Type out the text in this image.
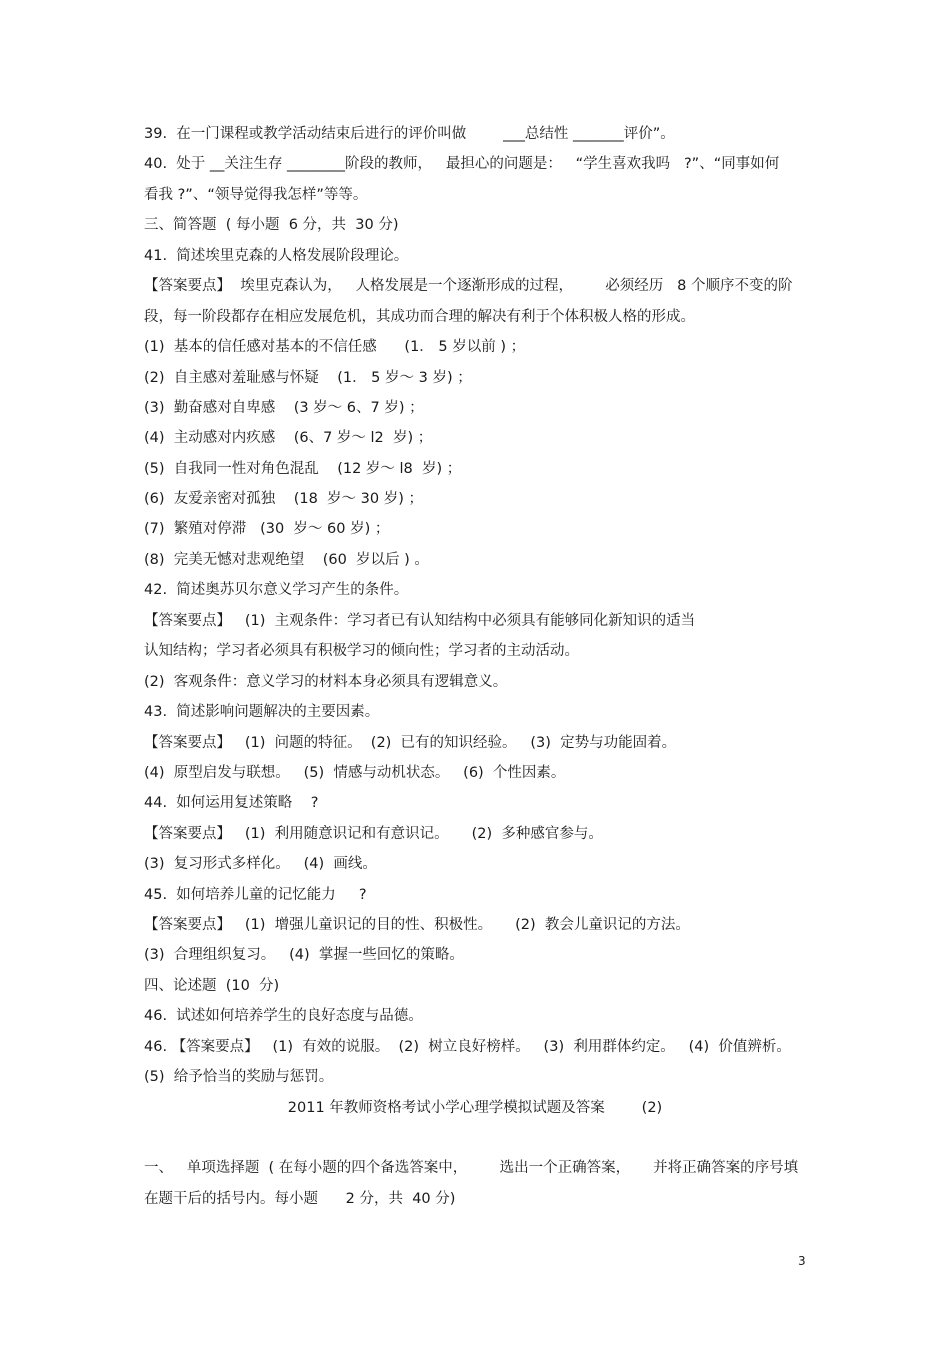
39.  在一门课程或教学活动结束后进行的评价叫做        ___总结性 _______评价”。
40.  处于 __关注生存 ________阶段的教师，   最担心的问题是：   “学生喜欢我吗   ?”、“同事如何
看我 ?”、“领导觉得我怎样”等等。
三、简答题  ( 每小题  6 分，共  30 分)
41.  简述埃里克森的人格发展阶段理论。
【答案要点】  埃里克森认为，   人格发展是一个逐渐形成的过程，       必须经历   8 个顺序不变的阶
段，每一阶段都存在相应发展危机，其成功而合理的解决有利于个体积极人格的形成。
(1)  基本的信任感对基本的不信任感      (1． 5 岁以前 ) ；
(2)  自主感对羞耻感与怀疑    (1． 5 岁～ 3 岁) ；
(3)  勤奋感对自卑感    (3 岁～ 6、7 岁) ；
(4)  主动感对内疚感    (6、7 岁～ l2  岁) ；
(5)  自我同一性对角色混乱    (12 岁～ l8  岁) ；
(6)  友爱亲密对孤独    (18  岁～ 30 岁) ；
(7)  繁殖对停滞   (30  岁～ 60 岁) ；
(8)  完美无憾对悲观绝望    (60  岁以后 ) 。
42.  简述奥苏贝尔意义学习产生的条件。
【答案要点】   (1)  主观条件：学习者已有认知结构中必须具有能够同化新知识的适当
认知结构；学习者必须具有积极学习的倾向性；学习者的主动活动。
(2)  客观条件：意义学习的材料本身必须具有逻辑意义。
43.  简述影响问题解决的主要因素。
【答案要点】   (1)  问题的特征。  (2)  已有的知识经验。   (3)  定势与功能固着。
(4)  原型启发与联想。   (5)  情感与动机状态。   (6)  个性因素。
44.  如何运用复述策略    ?
【答案要点】   (1)  利用随意识记和有意识记。     (2)  多种感官参与。
(3)  复习形式多样化。   (4)  画线。
45.  如何培养儿童的记忆能力     ?
【答案要点】   (1)  增强儿童识记的目的性、积极性。     (2)  教会儿童识记的方法。
(3)  合理组织复习。   (4)  掌握一些回忆的策略。
四、论述题  (10  分)
46.  试述如何培养学生的良好态度与品德。
46. 【答案要点】   (1)  有效的说服。  (2)  树立良好榜样。   (3)  利用群体约定。   (4)  价值辨析。
(5)  给予恰当的奖励与惩罚。
2011 年教师资格考试小学心理学模拟试题及答案        (2)
一、   单项选择题  ( 在每小题的四个备选答案中，       选出一个正确答案，     并将正确答案的序号填
在题干后的括号内。每小题      2 分，共  40 分)
3
